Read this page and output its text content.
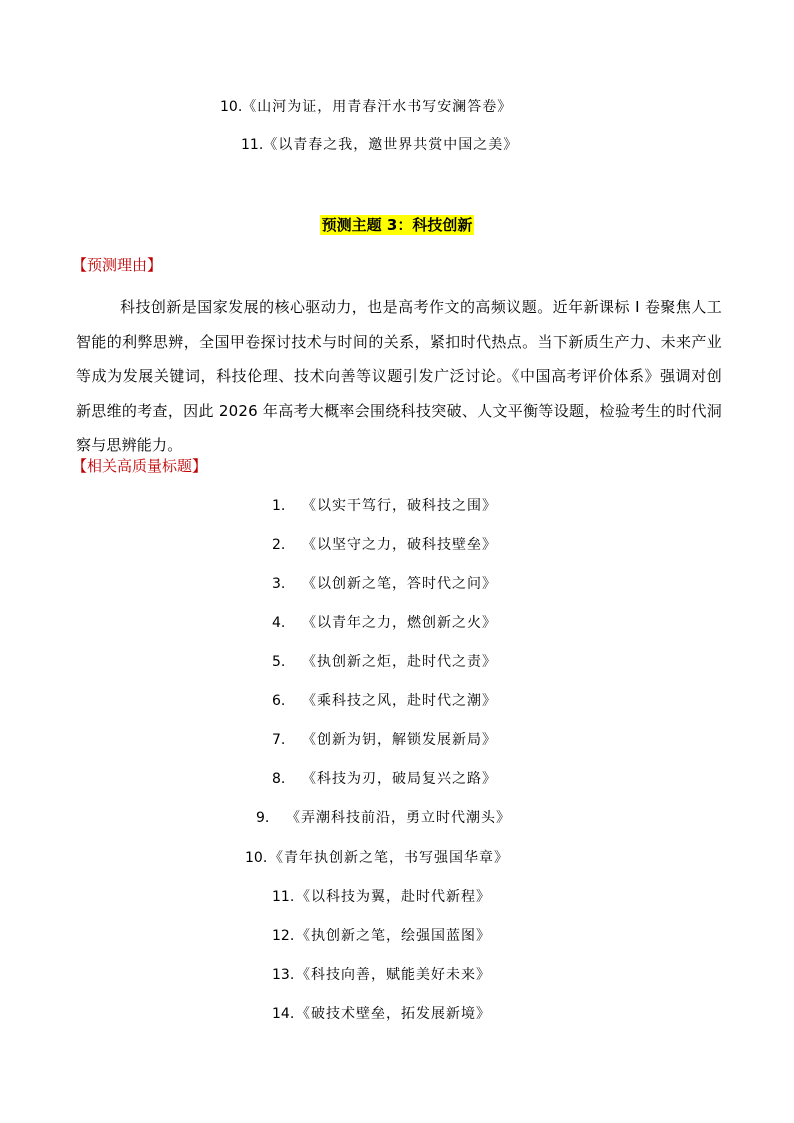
10.《山河为证，用青春汗水书写安澜答卷》
11.《以青春之我，邀世界共赏中国之美》
预测主题 3：科技创新
【预测理由】
科技创新是国家发展的核心驱动力，也是高考作文的高频议题。近年新课标 I 卷聚焦人工智能的利弊思辨，全国甲卷探讨技术与时间的关系，紧扣时代热点。当下新质生产力、未来产业等成为发展关键词，科技伦理、技术向善等议题引发广泛讨论。《中国高考评价体系》强调对创新思维的考查，因此 2026 年高考大概率会围绕科技突破、人文平衡等设题，检验考生的时代洞察与思辨能力。
【相关高质量标题】
1. 《以实干笃行，破科技之围》
2. 《以坚守之力，破科技壁垒》
3. 《以创新之笔，答时代之问》
4. 《以青年之力，燃创新之火》
5. 《执创新之炬，赴时代之责》
6. 《乘科技之风，赴时代之潮》
7. 《创新为钥，解锁发展新局》
8. 《科技为刃，破局复兴之路》
9. 《弄潮科技前沿，勇立时代潮头》
10. 《青年执创新之笔，书写强国华章》
11. 《以科技为翼，赴时代新程》
12. 《执创新之笔，绘强国蓝图》
13. 《科技向善，赋能美好未来》
14. 《破技术壁垒，拓发展新境》
